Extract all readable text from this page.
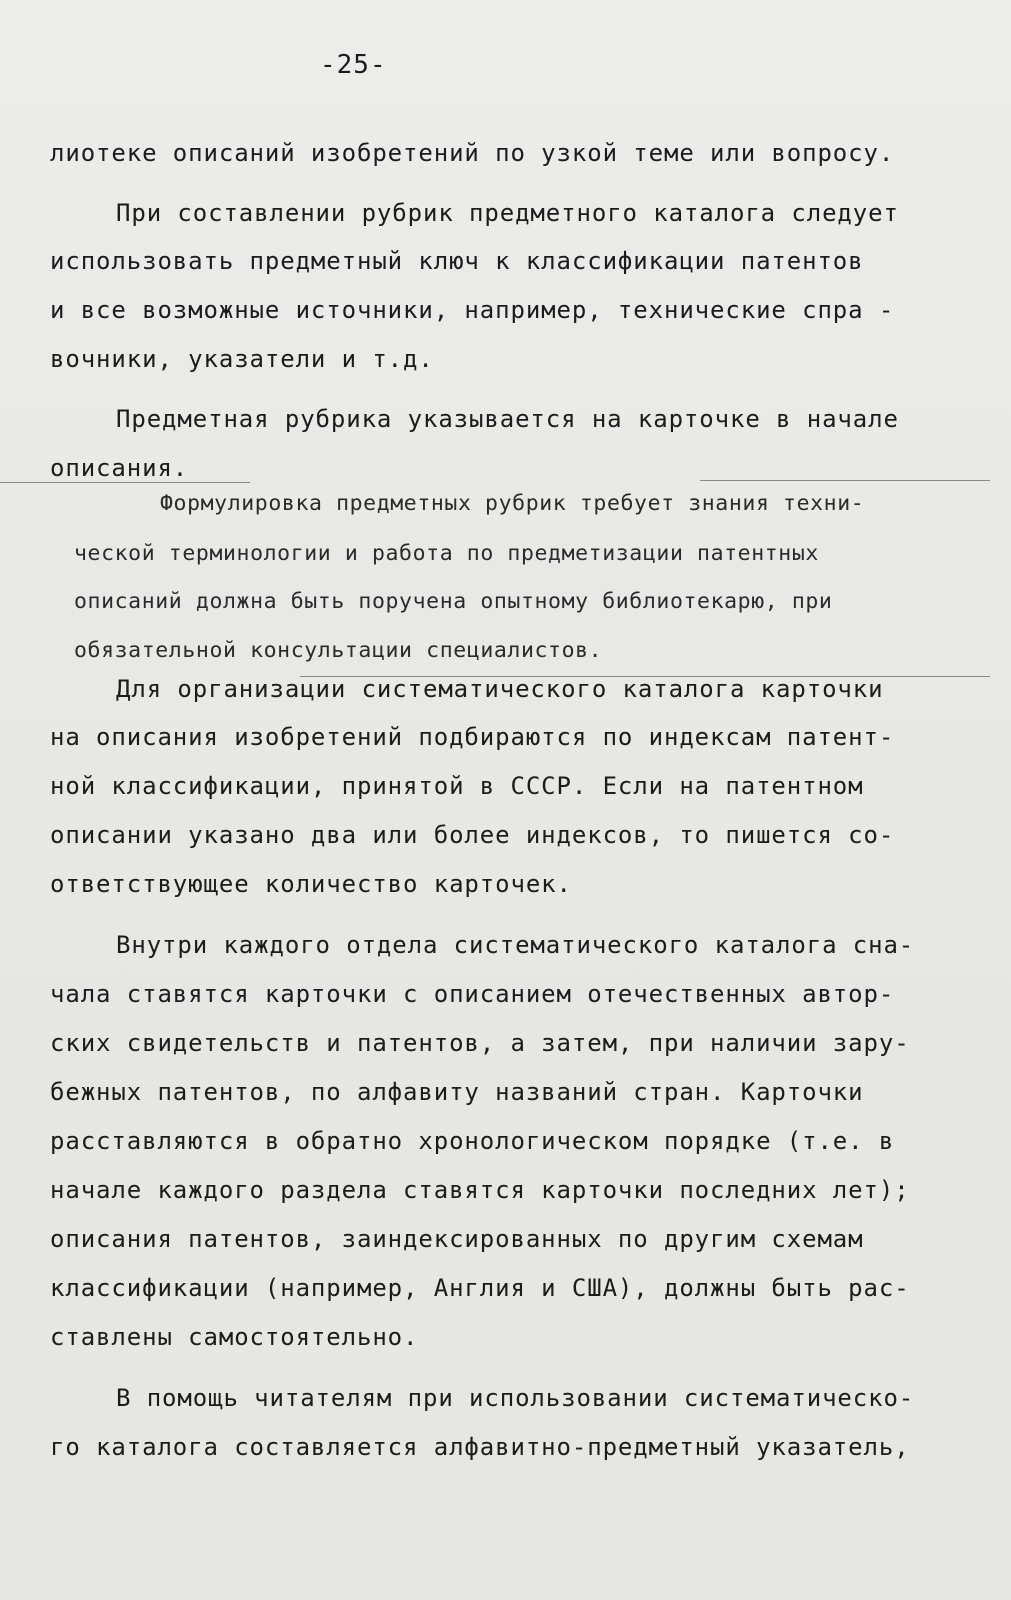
-25-
лиотеке описаний изобретений по узкой теме или вопросу.
При составлении рубрик предметного каталога следует
использовать предметный ключ к классификации патентов
и все возможные источники, например, технические спра -
вочники, указатели и т.д.
Предметная рубрика указывается на карточке в начале
описания.
Формулировка предметных рубрик требует знания техни-
ческой терминологии и работа по предметизации патентных
описаний должна быть поручена опытному библиотекарю, при
обязательной консультации специалистов.
Для организации систематического каталога карточки
на описания изобретений подбираются по индексам патент-
ной классификации, принятой в СССР. Если на патентном
описании указано два или более индексов, то пишется со-
ответствующее количество карточек.
Внутри каждого отдела систематического каталога сна-
чала ставятся карточки с описанием отечественных автор-
ских свидетельств и патентов, а затем, при наличии зару-
бежных патентов, по алфавиту названий стран. Карточки
расставляются в обратно хронологическом порядке (т.е. в
начале каждого раздела ставятся карточки последних лет);
описания патентов, заиндексированных по другим схемам
классификации (например, Англия и США), должны быть рас-
ставлены самостоятельно.
В помощь читателям при использовании систематическо-
го каталога составляется алфавитно-предметный указатель,
